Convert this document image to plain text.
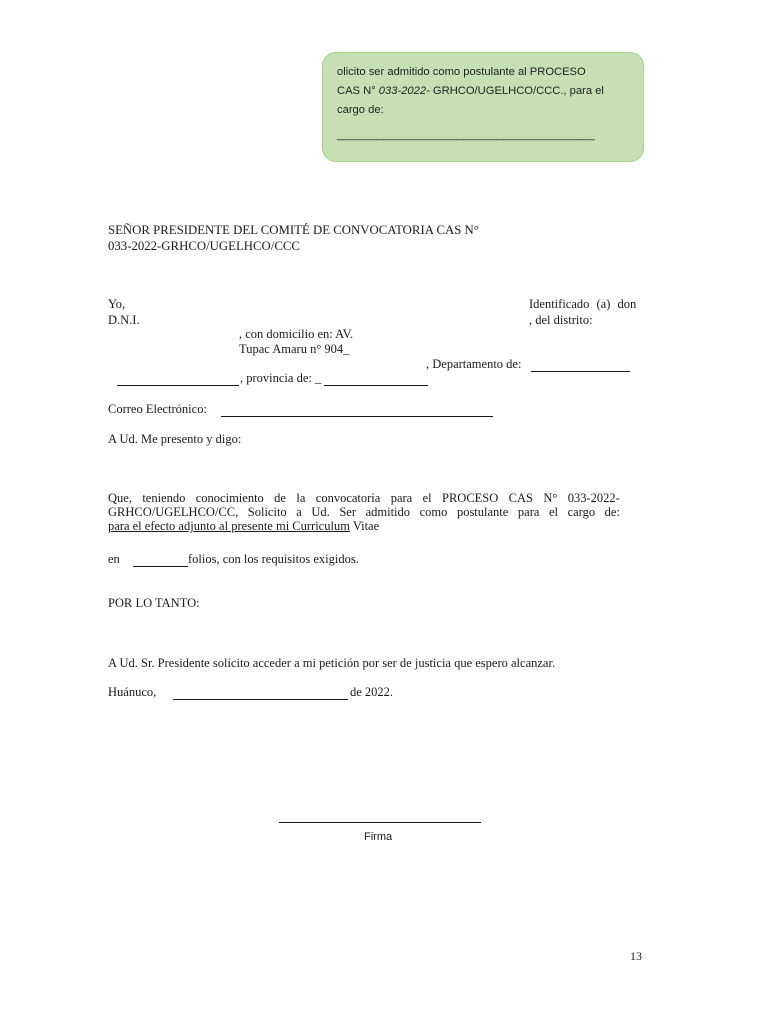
olicito ser admitido como postulante al PROCESO
CAS N° 033-2022- GRHCO/UGELHCO/CCC., para el
cargo de:
_____________________________________________
SEÑOR PRESIDENTE DEL COMITÉ DE CONVOCATORIA CAS N°
033-2022-GRHCO/UGELHCO/CCC
Yo,	Identificado (a) don
D.N.I.	, del distrito:
, con domicilio en: AV.
Tupac Amaru n° 904_
, Departamento de:
, provincia de: _
Correo Electrónico:
A Ud. Me presento y digo:
Que, teniendo conocimiento de la convocatoria para el PROCESO CAS N° 033-2022-
GRHCO/UGELHCO/CC, Solicito a Ud. Ser admitido como postulante para el cargo de:
para el efecto adjunto al presente mi Curriculum Vitae
en	folios, con los requisitos exigidos.
POR LO TANTO:
A Ud. Sr. Presidente solicito acceder a mi petición por ser de justicia que espero alcanzar.
Huánuco,	de 2022.
Firma
13
